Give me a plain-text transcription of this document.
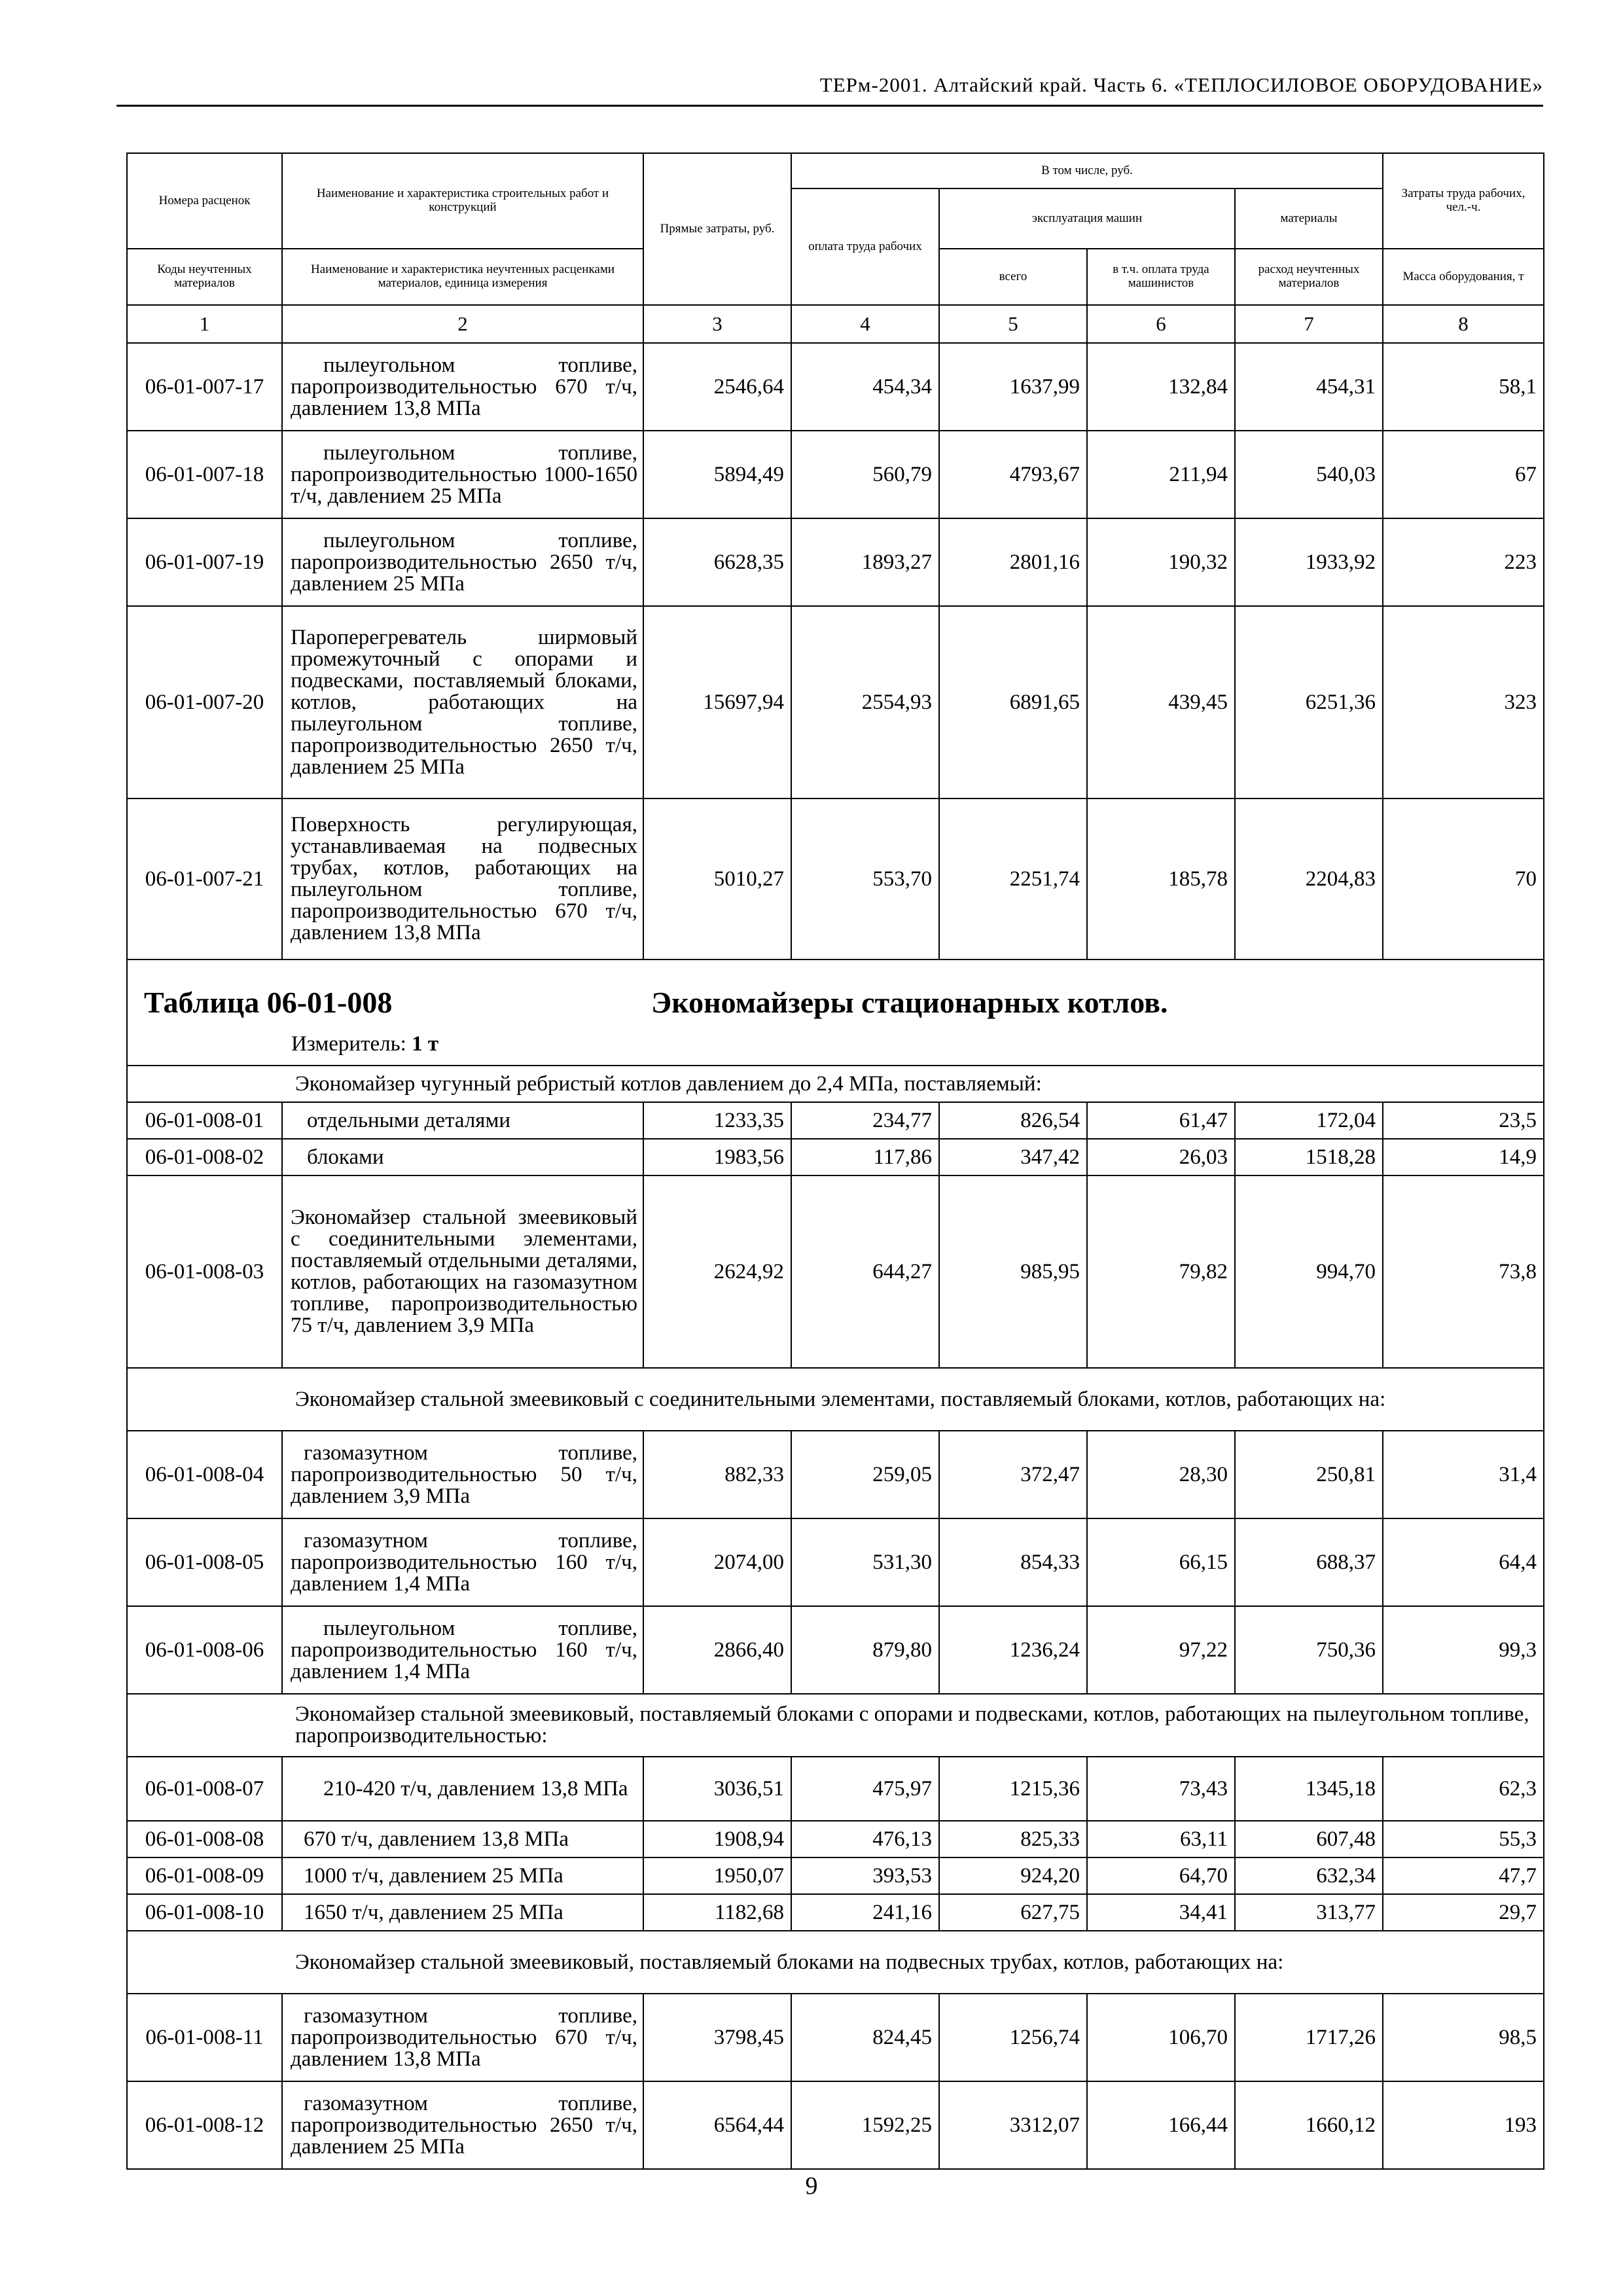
ТЕРм-2001. Алтайский край. Часть 6. «ТЕПЛОСИЛОВОЕ ОБОРУДОВАНИЕ»
Номера расценок	Наименование и характеристика строительных работ и конструкций	Прямые затраты, руб.	В том числе, руб.				Затраты труда рабочих, чел.-ч.
			оплата труда рабочих	эксплуатация машин		материалы	
Коды неучтенных материалов	Наименование и характеристика неучтенных расценками материалов, единица измерения			всего	в т.ч. оплата труда машинистов	расход неучтенных материалов	Масса оборудования, т
1	2	3	4	5	6	7	8
06-01-007-17	пылеугольном топливе, паропроизводительностью 670 т/ч, давлением 13,8 МПа	2546,64	454,34	1637,99	132,84	454,31	58,1
06-01-007-18	пылеугольном топливе, паропроизводительностью 1000-1650 т/ч, давлением 25 МПа	5894,49	560,79	4793,67	211,94	540,03	67
06-01-007-19	пылеугольном топливе, паропроизводительностью 2650 т/ч, давлением 25 МПа	6628,35	1893,27	2801,16	190,32	1933,92	223
06-01-007-20	Пароперегреватель ширмовый промежуточный с опорами и подвесками, поставляемый блоками, котлов, работающих на пылеугольном топливе, паропроизводительностью 2650 т/ч, давлением 25 МПа	15697,94	2554,93	6891,65	439,45	6251,36	323
06-01-007-21	Поверхность регулирующая, устанавливаемая на подвесных трубах, котлов, работающих на пылеугольном топливе, паропроизводительностью 670 т/ч, давлением 13,8 МПа	5010,27	553,70	2251,74	185,78	2204,83	70

Таблица 06-01-008 Экономайзеры стационарных котлов.
Измеритель: 1 т							

	Экономайзер чугунный ребристый котлов давлением до 2,4 МПа, поставляемый:						
06-01-008-01	отдельными деталями	1233,35	234,77	826,54	61,47	172,04	23,5
06-01-008-02	блоками	1983,56	117,86	347,42	26,03	1518,28	14,9
06-01-008-03	Экономайзер стальной змеевиковый с соединительными элементами, поставляемый отдельными деталями, котлов, работающих на газомазутном топливе, паропроизводительностью 75 т/ч, давлением 3,9 МПа	2624,92	644,27	985,95	79,82	994,70	73,8
	Экономайзер стальной змеевиковый с соединительными элементами, поставляемый блоками, котлов, работающих на:						
06-01-008-04	газомазутном топливе, паропроизводительностью 50 т/ч, давлением 3,9 МПа	882,33	259,05	372,47	28,30	250,81	31,4
06-01-008-05	газомазутном топливе, паропроизводительностью 160 т/ч, давлением 1,4 МПа	2074,00	531,30	854,33	66,15	688,37	64,4
06-01-008-06	пылеугольном топливе, паропроизводительностью 160 т/ч, давлением 1,4 МПа	2866,40	879,80	1236,24	97,22	750,36	99,3
	Экономайзер стальной змеевиковый, поставляемый блоками с опорами и подвесками, котлов, работающих на пылеугольном топливе, паропроизводительностью:						
06-01-008-07	210-420 т/ч, давлением 13,8 МПа	3036,51	475,97	1215,36	73,43	1345,18	62,3
06-01-008-08	670 т/ч, давлением 13,8 МПа	1908,94	476,13	825,33	63,11	607,48	55,3
06-01-008-09	1000 т/ч, давлением 25 МПа	1950,07	393,53	924,20	64,70	632,34	47,7
06-01-008-10	1650 т/ч, давлением 25 МПа	1182,68	241,16	627,75	34,41	313,77	29,7
	Экономайзер стальной змеевиковый, поставляемый блоками на подвесных трубах, котлов, работающих на:						
06-01-008-11	газомазутном топливе, паропроизводительностью 670 т/ч, давлением 13,8 МПа	3798,45	824,45	1256,74	106,70	1717,26	98,5
06-01-008-12	газомазутном топливе, паропроизводительностью 2650 т/ч, давлением 25 МПа	6564,44	1592,25	3312,07	166,44	1660,12	193
9
